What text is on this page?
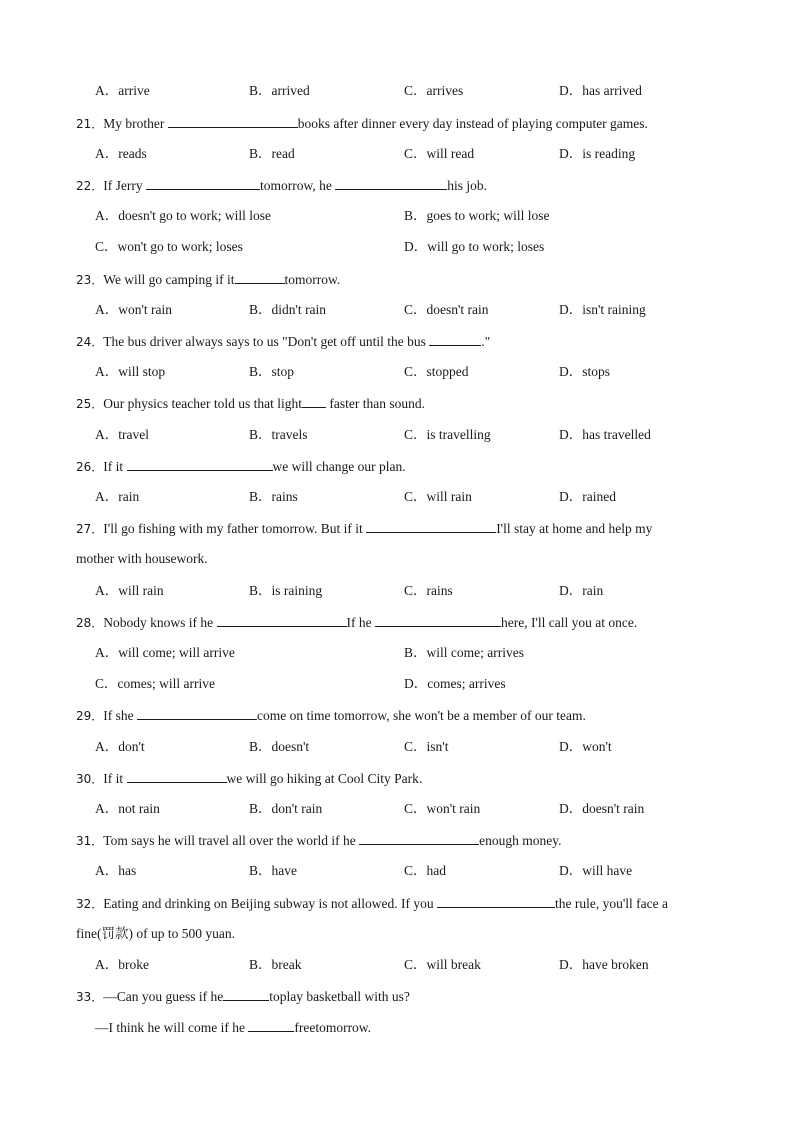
A．arrive	B．arrived	C．arrives	D．has arrived
21．My brother	books after dinner every day instead of playing computer games.
A．reads	B．read	C．will read	D．is reading
22．If Jerry	tomorrow, he	his job.
A．doesn't go to work; will lose	B．goes to work; will lose
C．won't go to work; loses	D．will go to work; loses
23．We will go camping if it	tomorrow.
A．won't rain	B．didn't rain	C．doesn't rain	D．isn't raining
24．The bus driver always says to us "Don't get off until the bus	."
A．will stop	B．stop	C．stopped	D．stops
25．Our physics teacher told us that light faster than sound.
A．travel	B．travels	C．is travelling	D．has travelled
26．If it	we will change our plan.
A．rain	B．rains	C．will rain	D．rained
27．I'll go fishing with my father tomorrow. But if it	I'll stay at home and help my
mother with housework.
A．will rain	B．is raining	C．rains	D．rain
28．Nobody knows if he	If he	here, I'll call you at once.
A．will come; will arrive	B．will come; arrives
C．comes; will arrive	D．comes; arrives
29．If she	come on time tomorrow, she won't be a member of our team.
A．don't	B．doesn't	C．isn't	D．won't
30．If it	we will go hiking at Cool City Park.
A．not rain	B．don't rain	C．won't rain	D．doesn't rain
31．Tom says he will travel all over the world if he	enough money.
A．has	B．have	C．had	D．will have
32．Eating and drinking on Beijing subway is not allowed. If you	the rule, you'll face a
fine(罚款) of up to 500 yuan.
A．broke	B．break	C．will break	D．have broken
33．—Can you guess if he	toplay basketball with us?
—I think he will come if he	freetomorrow.
